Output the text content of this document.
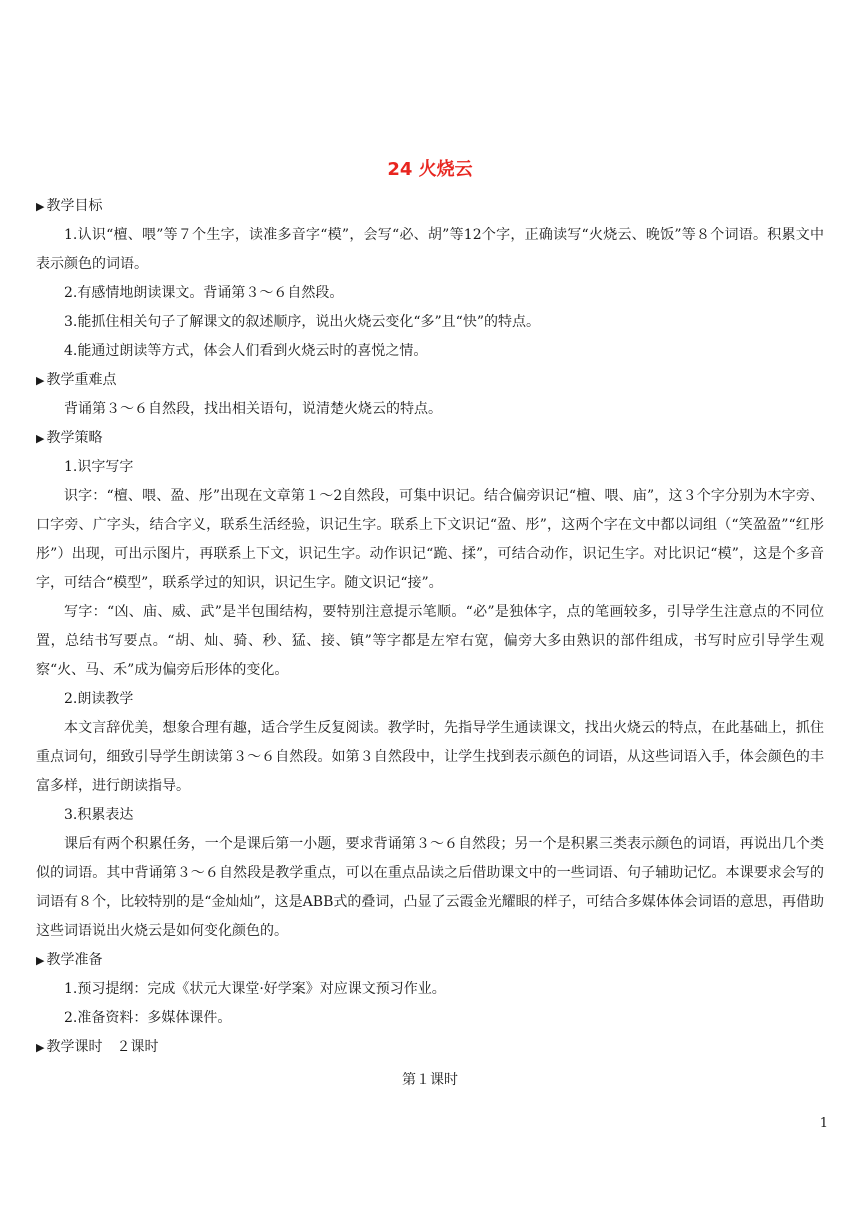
24 火烧云
▶ 教学目标

1.认识“檀、喂”等７个生字，读准多音字“模”，会写“必、胡”等12个字，正确读写“火烧云、晚饭”等８个词语。积累文中表示颜色的词语。

2.有感情地朗读课文。背诵第３～６自然段。

3.能抓住相关句子了解课文的叙述顺序，说出火烧云变化“多”且“快”的特点。

4.能通过朗读等方式，体会人们看到火烧云时的喜悦之情。

▶ 教学重难点

背诵第３～６自然段，找出相关语句，说清楚火烧云的特点。

▶ 教学策略

1.识字写字

识字：“檀、喂、盈、彤”出现在文章第１～2自然段，可集中识记。结合偏旁识记“檀、喂、庙”，这３个字分别为木字旁、口字旁、广字头，结合字义，联系生活经验，识记生字。联系上下文识记“盈、彤”，这两个字在文中都以词组（“笑盈盈”“红彤彤”）出现，可出示图片，再联系上下文，识记生字。动作识记“跪、揉”，可结合动作，识记生字。对比识记“模”，这是个多音字，可结合“模型”，联系学过的知识，识记生字。随文识记“接”。

写字：“凶、庙、威、武”是半包围结构，要特别注意提示笔顺。“必”是独体字，点的笔画较多，引导学生注意点的不同位置，总结书写要点。“胡、灿、骑、秒、猛、接、镇”等字都是左窄右宽，偏旁大多由熟识的部件组成，书写时应引导学生观察“火、马、禾”成为偏旁后形体的变化。

2.朗读教学

本文言辞优美，想象合理有趣，适合学生反复阅读。教学时，先指导学生通读课文，找出火烧云的特点，在此基础上，抓住重点词句，细致引导学生朗读第３～６自然段。如第３自然段中，让学生找到表示颜色的词语，从这些词语入手，体会颜色的丰富多样，进行朗读指导。

3.积累表达

课后有两个积累任务，一个是课后第一小题，要求背诵第３～６自然段；另一个是积累三类表示颜色的词语，再说出几个类似的词语。其中背诵第３～６自然段是教学重点，可以在重点品读之后借助课文中的一些词语、句子辅助记忆。本课要求会写的词语有８个，比较特别的是“金灿灿”，这是ABB式的叠词，凸显了云霞金光耀眼的样子，可结合多媒体体会词语的意思，再借助这些词语说出火烧云是如何变化颜色的。

▶ 教学准备

1.预习提纲：完成《状元大课堂·好学案》对应课文预习作业。

2.准备资料：多媒体课件。

▶ 教学课时　２课时

第１课时

1
